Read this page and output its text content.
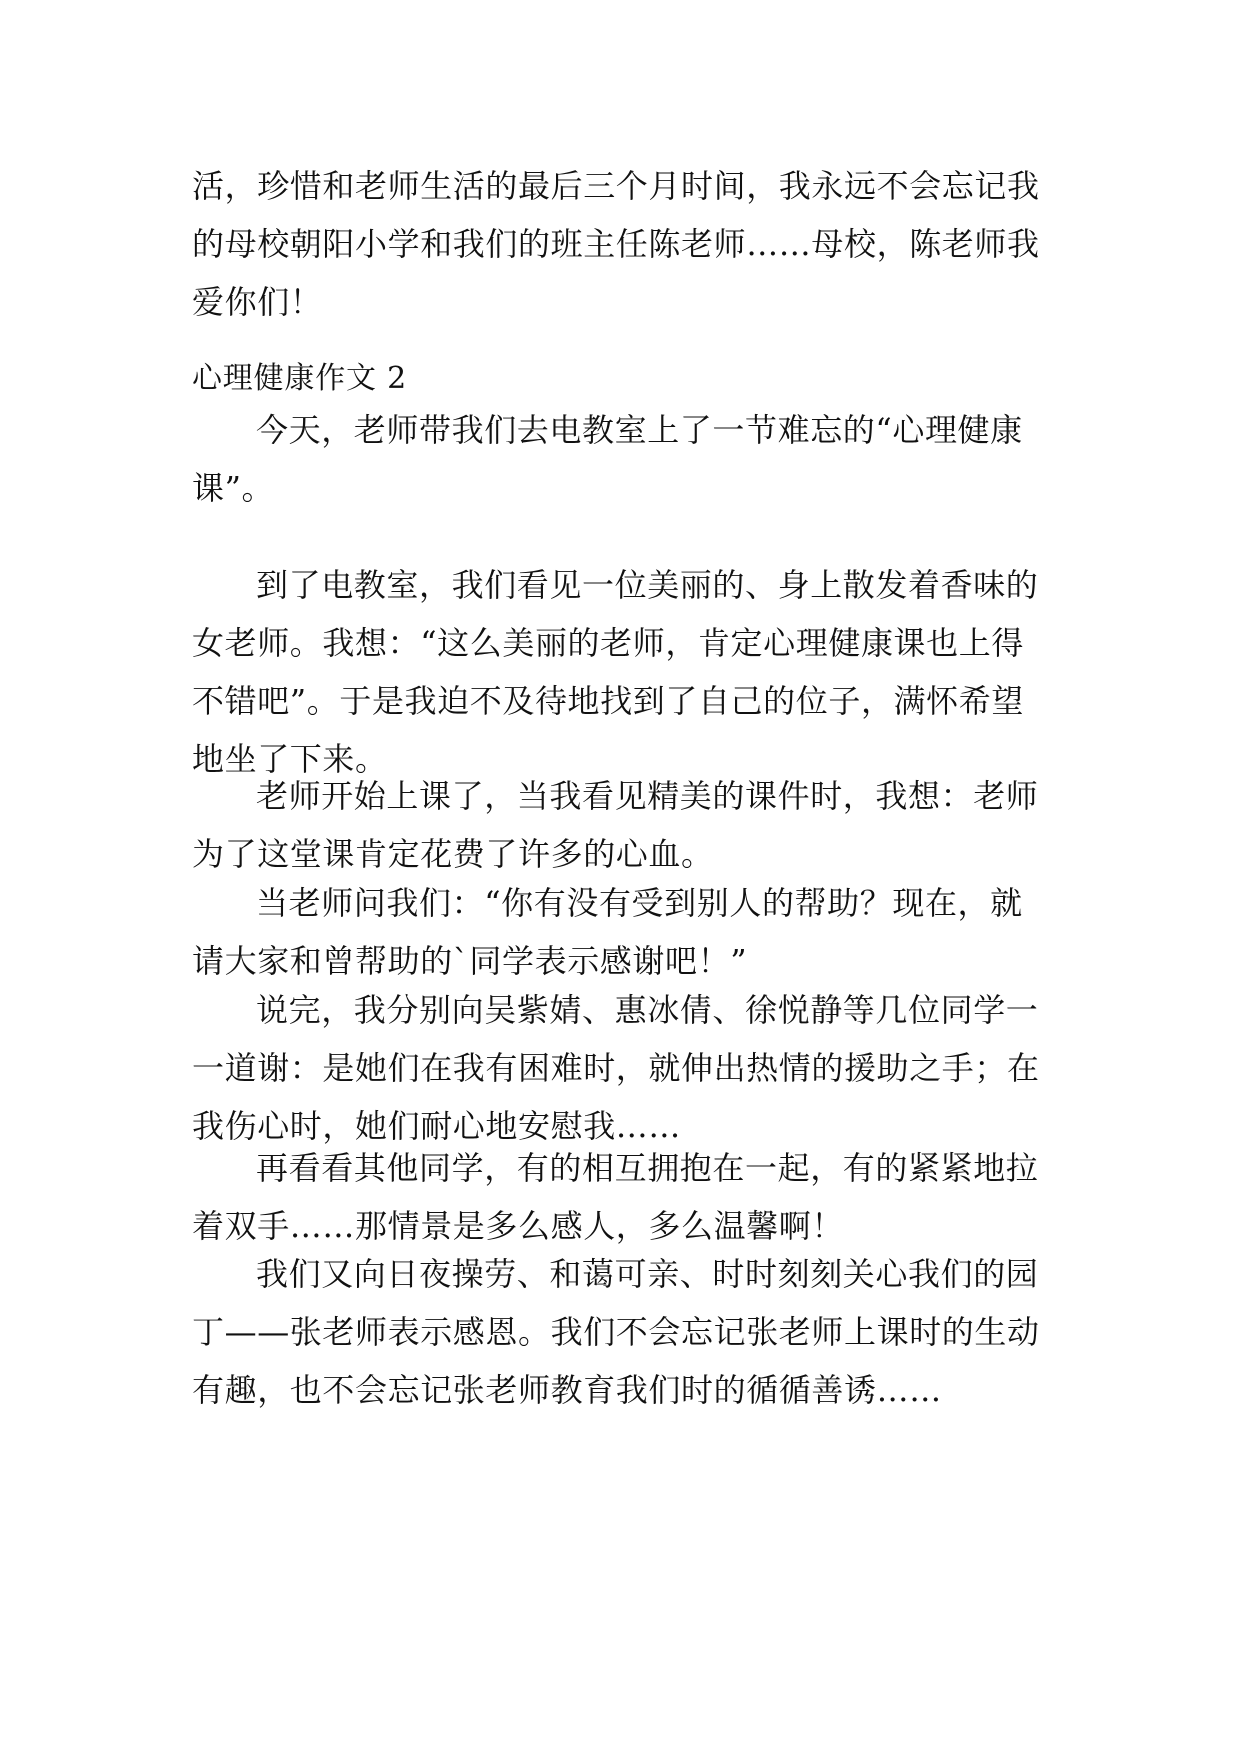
活，珍惜和老师生活的最后三个月时间，我永远不会忘记我的母校朝阳小学和我们的班主任陈老师……母校，陈老师我爱你们！

心理健康作文 2

今天，老师带我们去电教室上了一节难忘的“心理健康课”。

到了电教室，我们看见一位美丽的、身上散发着香味的女老师。我想：“这么美丽的老师，肯定心理健康课也上得不错吧”。于是我迫不及待地找到了自己的位子，满怀希望地坐了下来。

老师开始上课了，当我看见精美的课件时，我想：老师为了这堂课肯定花费了许多的心血。

当老师问我们：“你有没有受到别人的帮助？现在，就请大家和曾帮助的`同学表示感谢吧！”

说完，我分别向吴紫婧、惠冰倩、徐悦静等几位同学一一道谢：是她们在我有困难时，就伸出热情的援助之手；在我伤心时，她们耐心地安慰我……

再看看其他同学，有的相互拥抱在一起，有的紧紧地拉着双手……那情景是多么感人，多么温馨啊！

我们又向日夜操劳、和蔼可亲、时时刻刻关心我们的园丁——张老师表示感恩。我们不会忘记张老师上课时的生动有趣，也不会忘记张老师教育我们时的循循善诱……
